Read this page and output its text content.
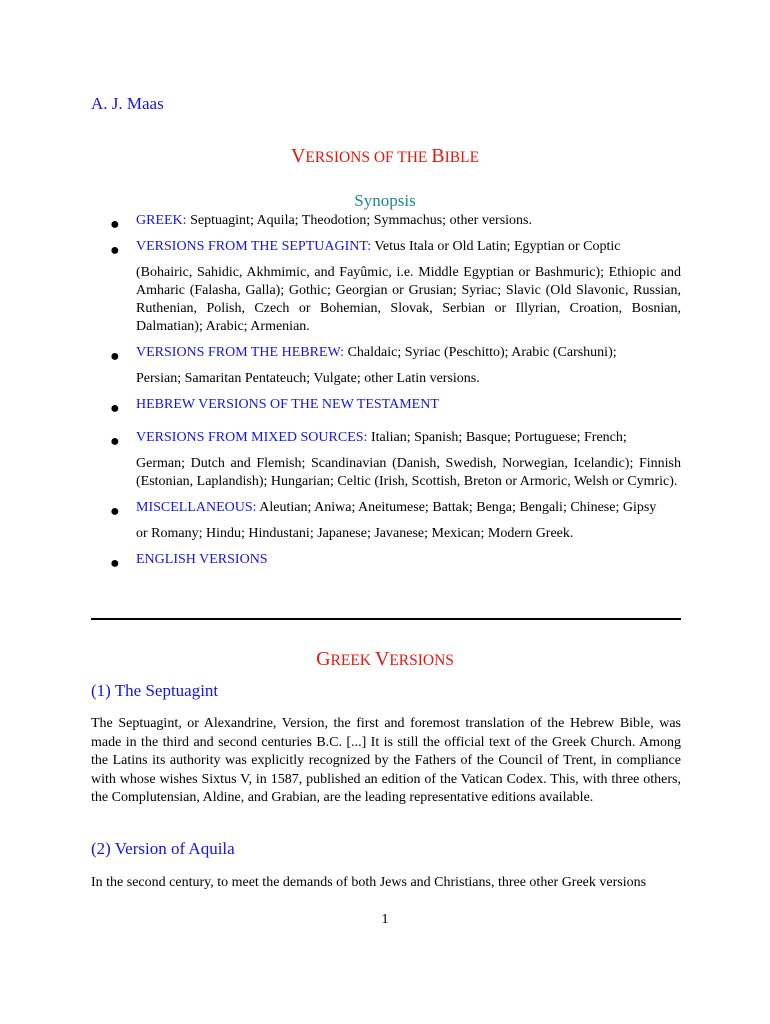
A. J. Maas
VERSIONS OF THE BIBLE
Synopsis
● GREEK: Septuagint; Aquila; Theodotion; Symmachus; other versions.
● VERSIONS FROM THE SEPTUAGINT: Vetus Itala or Old Latin; Egyptian or Coptic
(Bohairic, Sahidic, Akhmimic, and Fayûmic, i.e. Middle Egyptian or Bashmuric); Ethiopic and Amharic (Falasha, Galla); Gothic; Georgian or Grusian; Syriac; Slavic (Old Slavonic, Russian, Ruthenian, Polish, Czech or Bohemian, Slovak, Serbian or Illyrian, Croation, Bosnian, Dalmatian); Arabic; Armenian.
● VERSIONS FROM THE HEBREW: Chaldaic; Syriac (Peschitto); Arabic (Carshuni);
Persian; Samaritan Pentateuch; Vulgate; other Latin versions.
● HEBREW VERSIONS OF THE NEW TESTAMENT
● VERSIONS FROM MIXED SOURCES: Italian; Spanish; Basque; Portuguese; French;
German; Dutch and Flemish; Scandinavian (Danish, Swedish, Norwegian, Icelandic); Finnish (Estonian, Laplandish); Hungarian; Celtic (Irish, Scottish, Breton or Armoric, Welsh or Cymric).
● MISCELLANEOUS: Aleutian; Aniwa; Aneitumese; Battak; Benga; Bengali; Chinese; Gipsy
or Romany; Hindu; Hindustani; Japanese; Javanese; Mexican; Modern Greek.
● ENGLISH VERSIONS
GREEK VERSIONS
(1) The Septuagint
The Septuagint, or Alexandrine, Version, the first and foremost translation of the Hebrew Bible, was made in the third and second centuries B.C. [...] It is still the official text of the Greek Church. Among the Latins its authority was explicitly recognized by the Fathers of the Council of Trent, in compliance with whose wishes Sixtus V, in 1587, published an edition of the Vatican Codex. This, with three others, the Complutensian, Aldine, and Grabian, are the leading representative editions available.
(2) Version of Aquila
In the second century, to meet the demands of both Jews and Christians, three other Greek versions
1
